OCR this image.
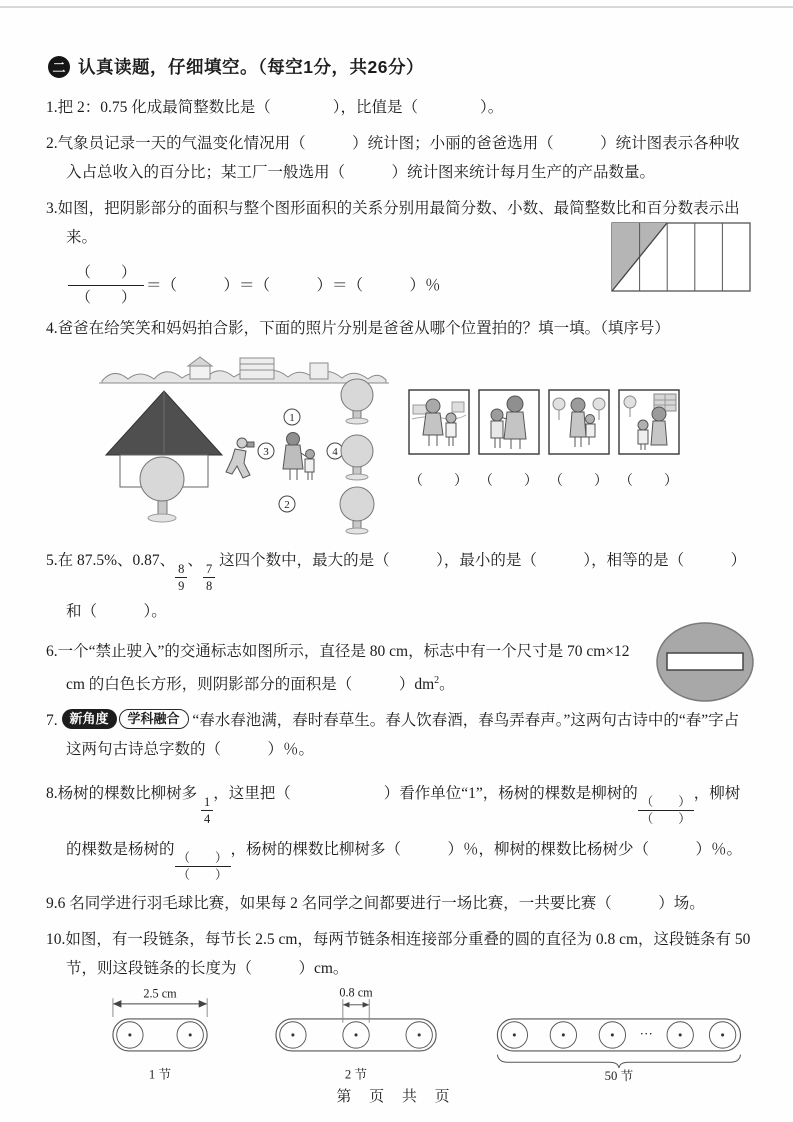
二 认真读题，仔细填空。（每空1分，共26分）
1.把 2：0.75 化成最简整数比是（　　　　），比值是（　　　　）。
2.气象员记录一天的气温变化情况用（　　　）统计图；小丽的爸爸选用（　　　）统计图表示各种收入占总收入的百分比；某工厂一般选用（　　　）统计图来统计每月生产的产品数量。
3.如图，把阴影部分的面积与整个图形面积的关系分别用最简分数、小数、最简整数比和百分数表示出来。
$\frac{( )}{( )}$ ＝（　　　）＝（　　　）＝（　　　）％
4.爸爸在给笑笑和妈妈拍合影，下面的照片分别是爸爸从哪个位置拍的？填一填。（填序号）
1
2
3	4
（　　） （　　） （　　） （　　）
5.在 87.5%、0.87、
$\frac{8}{9}$
、
$\frac{7}{8}$
这四个数中，最大的是（　　　），最小的是（　　　），相等的是（　　　）和（　　　）。
6.一个“禁止驶入”的交通标志如图所示，直径是 80 cm，标志中有一个尺寸是 70 cm×12 cm 的白色长方形，则阴影部分的面积是（　　　）$dm^2$。
7. 新角度 学科融合 “春水春池满，春时春草生。春人饮春酒，春鸟弄春声。”这两句古诗中的“春”字占这两句古诗总字数的（　　　）％。
8.杨树的棵数比柳树多
$\frac{1}{4}$
，这里把（　　　　　　）看作单位“1”，杨树的棵数是柳树的
$\frac{( )}{( )}$
，柳树的棵数是杨树的
$\frac{( )}{( )}$
，杨树的棵数比柳树多（　　　）％，柳树的棵数比杨树少（　　　）％。
9.6 名同学进行羽毛球比赛，如果每 2 名同学之间都要进行一场比赛，一共要比赛（　　　）场。
10.如图，有一段链条，每节长 2.5 cm，每两节链条相连接部分重叠的圆的直径为 0.8 cm，这段链条有 50 节，则这段链条的长度为（　　　）cm。
2.5 cm
1 节
0.8 cm
2 节
···
50 节
第 页 共 页
